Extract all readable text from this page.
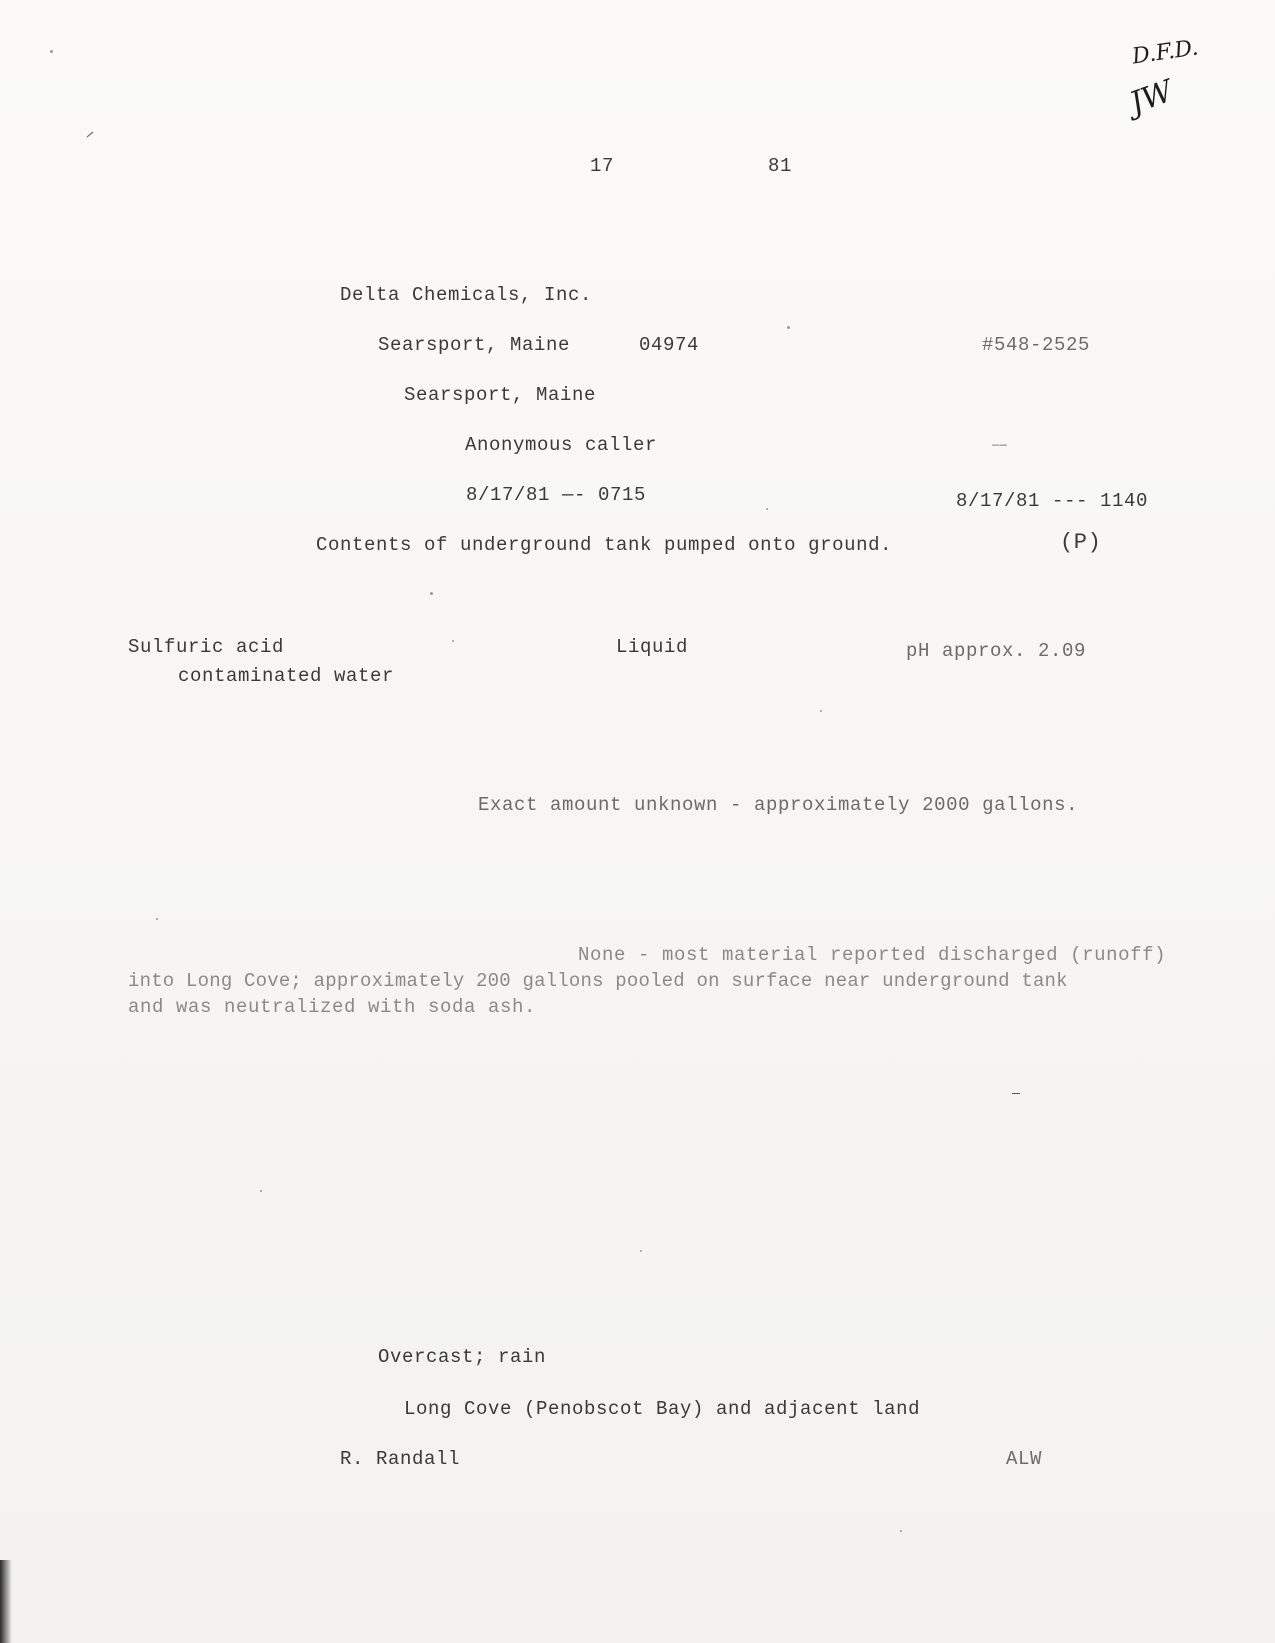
D.F.D.
JW
17	81
Delta Chemicals, Inc.
Searsport, Maine	04974	#548-2525
Searsport, Maine
Anonymous caller	——
8/17/81 —- 0715	8/17/81 --- 1140
Contents of underground tank pumped onto ground.	(P)
Sulfuric acid
contaminated water
Liquid	pH approx. 2.09
Exact amount unknown - approximately 2000 gallons.
None - most material reported discharged (runoff)
into Long Cove; approximately 200 gallons pooled on surface near underground tank
and was neutralized with soda ash.
Overcast; rain
Long Cove (Penobscot Bay) and adjacent land
R. Randall	ALW
